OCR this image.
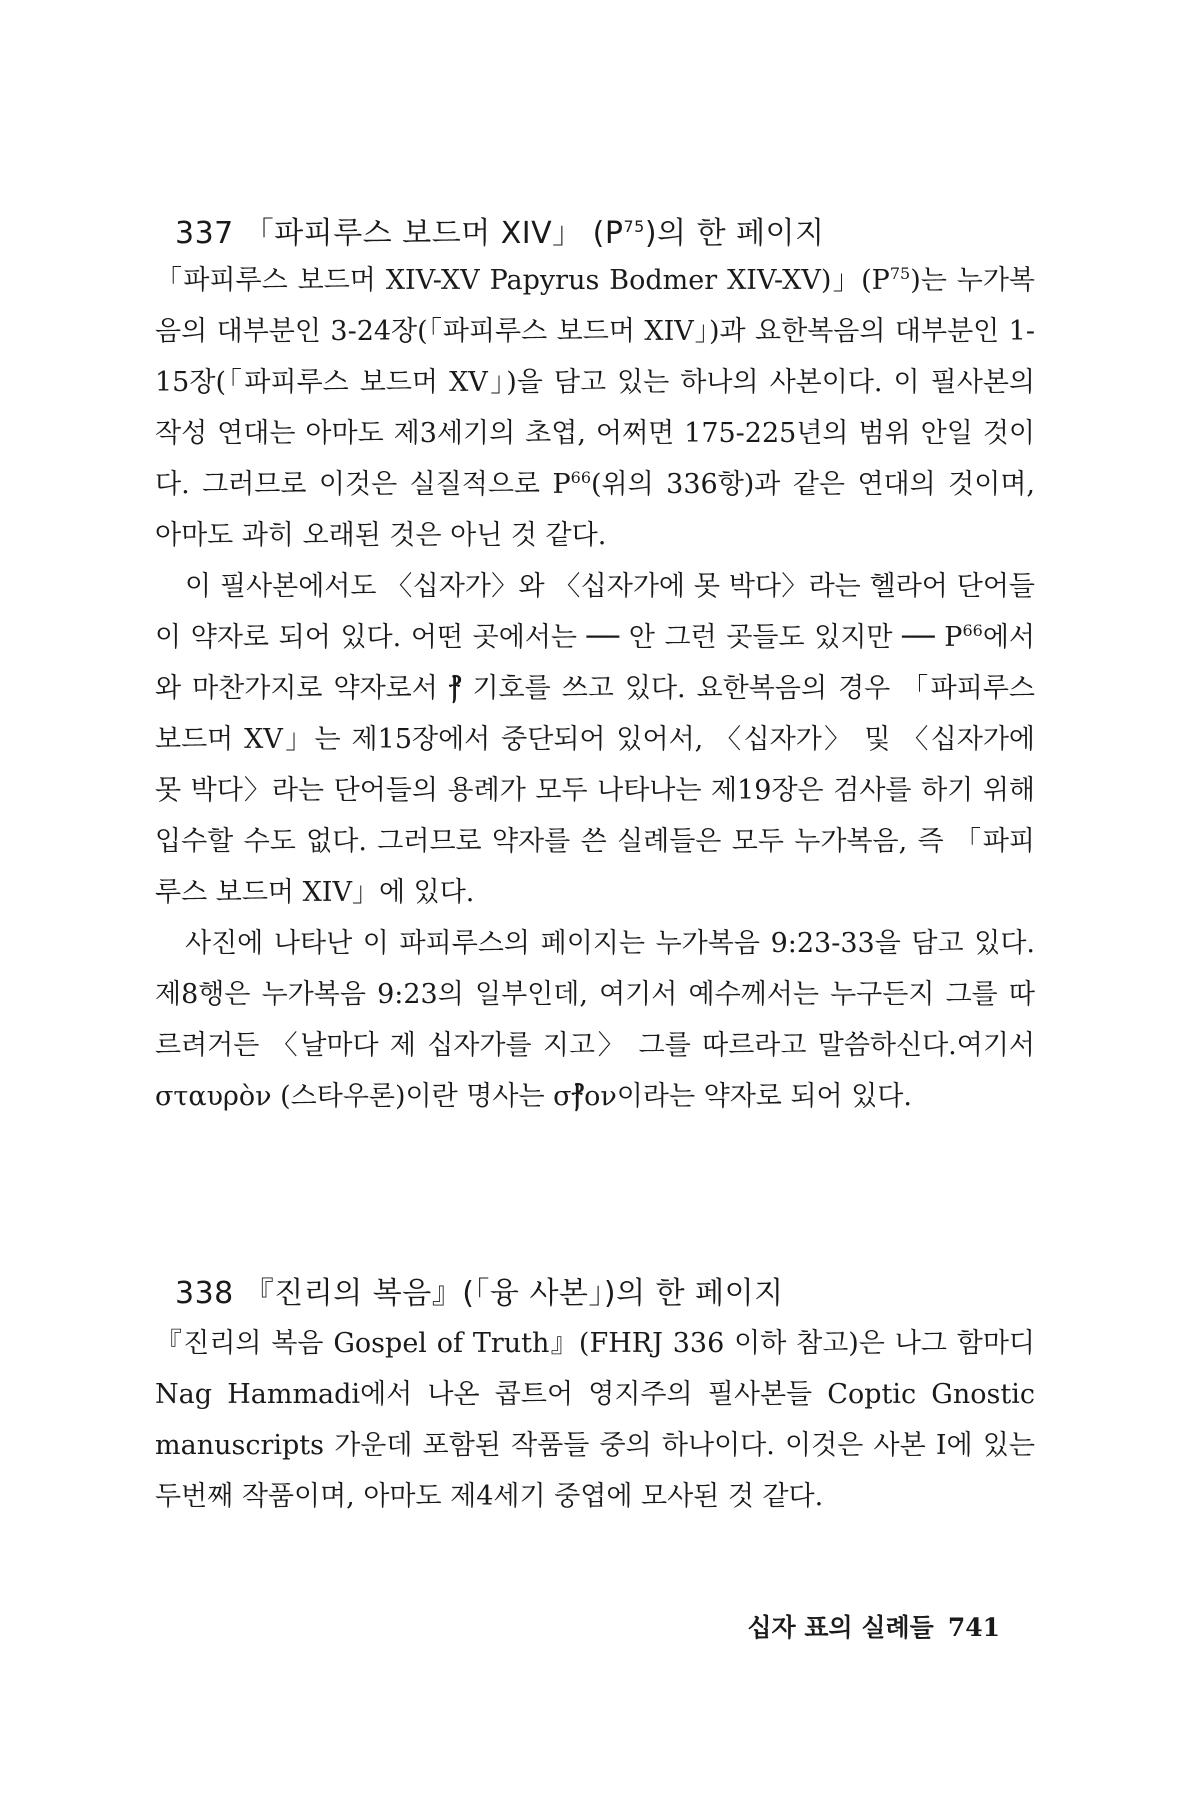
337 「파피루스 보드머 XIV」 $(P^{75})$의 한 페이지

「파피루스 보드머 XIV-XV Papyrus Bodmer XIV-XV)」$(P^{75})$는 누가복음의 대부분인 3-24장(「파피루스 보드머 XIV」)과 요한복음의 대부분인 1-15장(「파피루스 보드머 XV」)을 담고 있는 하나의 사본이다. 이 필사본의 작성 연대는 아마도 제3세기의 초엽, 어쩌면 175-225년의 범위 안일 것이다. 그러므로 이것은 실질적으로 $P^{66}$(위의 336항)과 같은 연대의 것이며, 아마도 과히 오래된 것은 아닌 것 같다.

이 필사본에서도 〈십자가〉와 〈십자가에 못 박다〉라는 헬라어 단어들이 약자로 되어 있다. 어떤 곳에서는 ── 안 그런 곳들도 있지만 ── $P^{66}$에서와 마찬가지로 약자로서 ⳨ 기호를 쓰고 있다. 요한복음의 경우 「파피루스 보드머 XV」는 제15장에서 중단되어 있어서, 〈십자가〉 및 〈십자가에 못 박다〉라는 단어들의 용례가 모두 나타나는 제19장은 검사를 하기 위해 입수할 수도 없다. 그러므로 약자를 쓴 실례들은 모두 누가복음, 즉 「파피루스 보드머 XIV」에 있다.

사진에 나타난 이 파피루스의 페이지는 누가복음 9:23-33을 담고 있다. 제8행은 누가복음 9:23의 일부인데, 여기서 예수께서는 누구든지 그를 따르려거든 〈날마다 제 십자가를 지고〉 그를 따르라고 말씀하신다.여기서 σταυρὸν (스타우론)이란 명사는 σ⳨ον이라는 약자로 되어 있다.

338 『진리의 복음』(「융 사본」)의 한 페이지

『진리의 복음 Gospel of Truth』(FHRJ 336 이하 참고)은 나그 함마디 Nag Hammadi에서 나온 콥트어 영지주의 필사본들 Coptic Gnostic manuscripts 가운데 포함된 작품들 중의 하나이다. 이것은 사본 I에 있는 두번째 작품이며, 아마도 제4세기 중엽에 모사된 것 같다.

십자 표의 실례들 741
